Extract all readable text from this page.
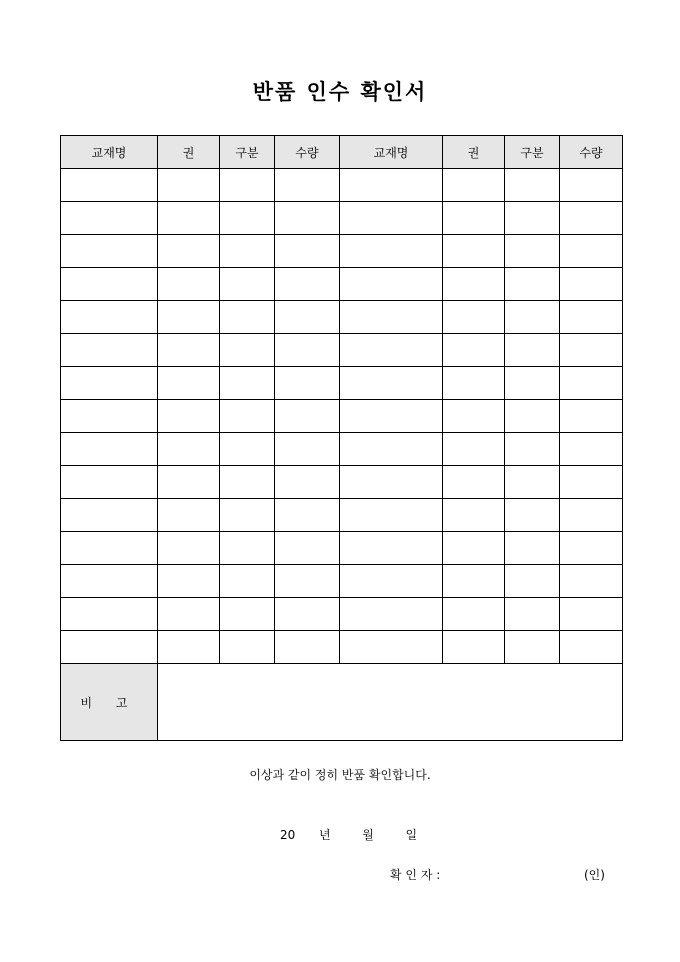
반품 인수 확인서
교재명	권	구분	수량	교재명	권	구분	수량

비 고							
이상과 같이 정히 반품 확인합니다.
20 년	월	일
확 인 자 :	(인)
